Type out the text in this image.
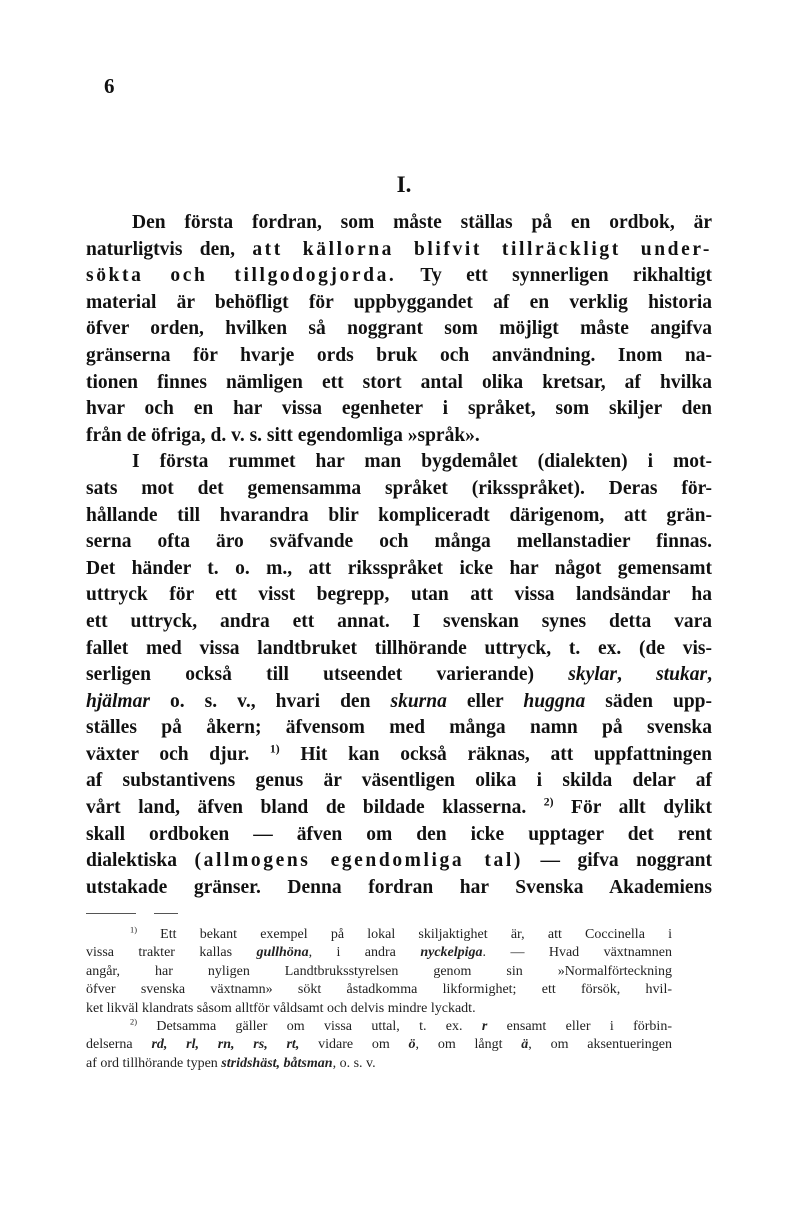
6
I.
Den första fordran, som måste ställas på en ordbok, är
naturligtvis den, att källorna blifvit tillräckligt under-
sökta och tillgodogjorda. Ty ett synnerligen rikhaltigt
material är behöfligt för uppbyggandet af en verklig historia
öfver orden, hvilken så noggrant som möjligt måste angifva
gränserna för hvarje ords bruk och användning. Inom na-
tionen finnes nämligen ett stort antal olika kretsar, af hvilka
hvar och en har vissa egenheter i språket, som skiljer den
från de öfriga, d. v. s. sitt egendomliga »språk».
I första rummet har man bygdemålet (dialekten) i mot-
sats mot det gemensamma språket (riksspråket). Deras för-
hållande till hvarandra blir kompliceradt därigenom, att grän-
serna ofta äro sväfvande och många mellanstadier finnas.
Det händer t. o. m., att riksspråket icke har något gemensamt
uttryck för ett visst begrepp, utan att vissa landsändar ha
ett uttryck, andra ett annat. I svenskan synes detta vara
fallet med vissa landtbruket tillhörande uttryck, t. ex. (de vis-
serligen också till utseendet varierande) skylar, stukar,
hjälmar o. s. v., hvari den skurna eller huggna säden upp-
ställes på åkern; äfvensom med många namn på svenska
växter och djur. $^{1)}$ Hit kan också räknas, att uppfattningen
af substantivens genus är väsentligen olika i skilda delar af
vårt land, äfven bland de bildade klasserna. $^{2)}$ För allt dylikt
skall ordboken — äfven om den icke upptager det rent
dialektiska (allmogens egendomliga tal) — gifva noggrant
utstakade gränser. Denna fordran har Svenska Akademiens
$^{1)}$ Ett bekant exempel på lokal skiljaktighet är, att Coccinella i
vissa trakter kallas gullhöna, i andra nyckelpiga. — Hvad växtnamnen
angår, har nyligen Landtbruksstyrelsen genom sin »Normalförteckning
öfver svenska växtnamn» sökt åstadkomma likformighet; ett försök, hvil-
ket likväl klandrats såsom alltför våldsamt och delvis mindre lyckadt.
$^{2)}$ Detsamma gäller om vissa uttal, t. ex. r ensamt eller i förbin-
delserna rd, rl, rn, rs, rt, vidare om ö, om långt ä, om aksentueringen
af ord tillhörande typen stridshäst, båtsman, o. s. v.
